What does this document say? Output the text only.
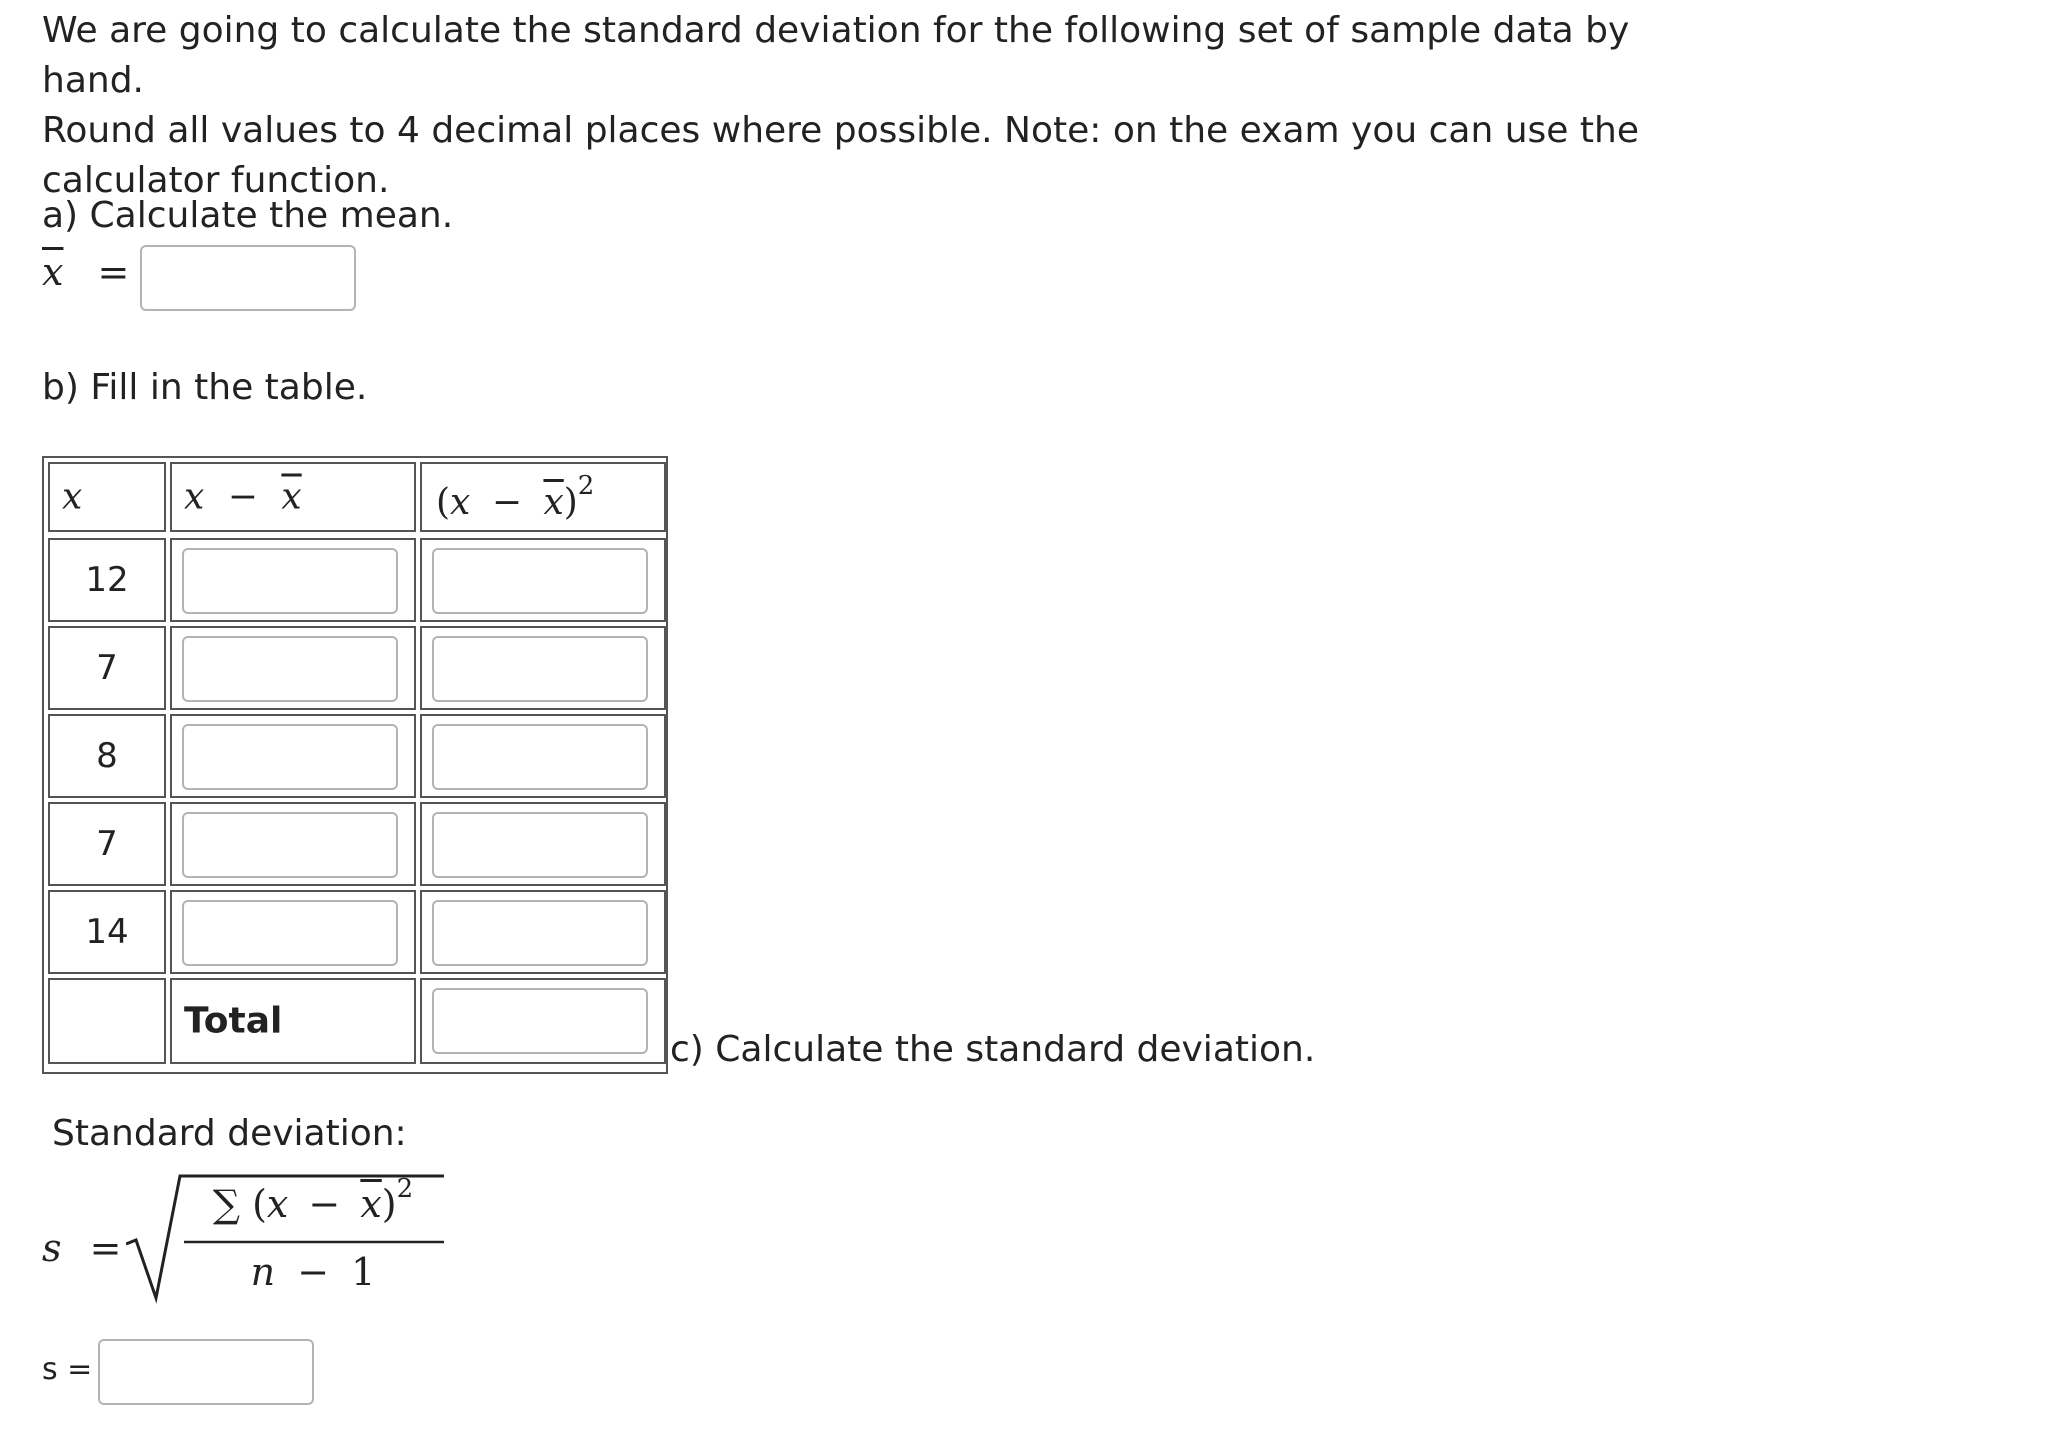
We are going to calculate the standard deviation for the following set of sample data by hand.

Round all values to 4 decimal places where possible. Note: on the exam you can use the

calculator function.

a) Calculate the mean.
$\overline{x}$ =
b) Fill in the table.
x	$x - \overline{x}$	$(x - \overline{x})^2$
12
7
8
7
14
Total
c) Calculate the standard deviation.
Standard deviation:
s =
∑ $(x - \overline{x})^2$
n − 1
s =
